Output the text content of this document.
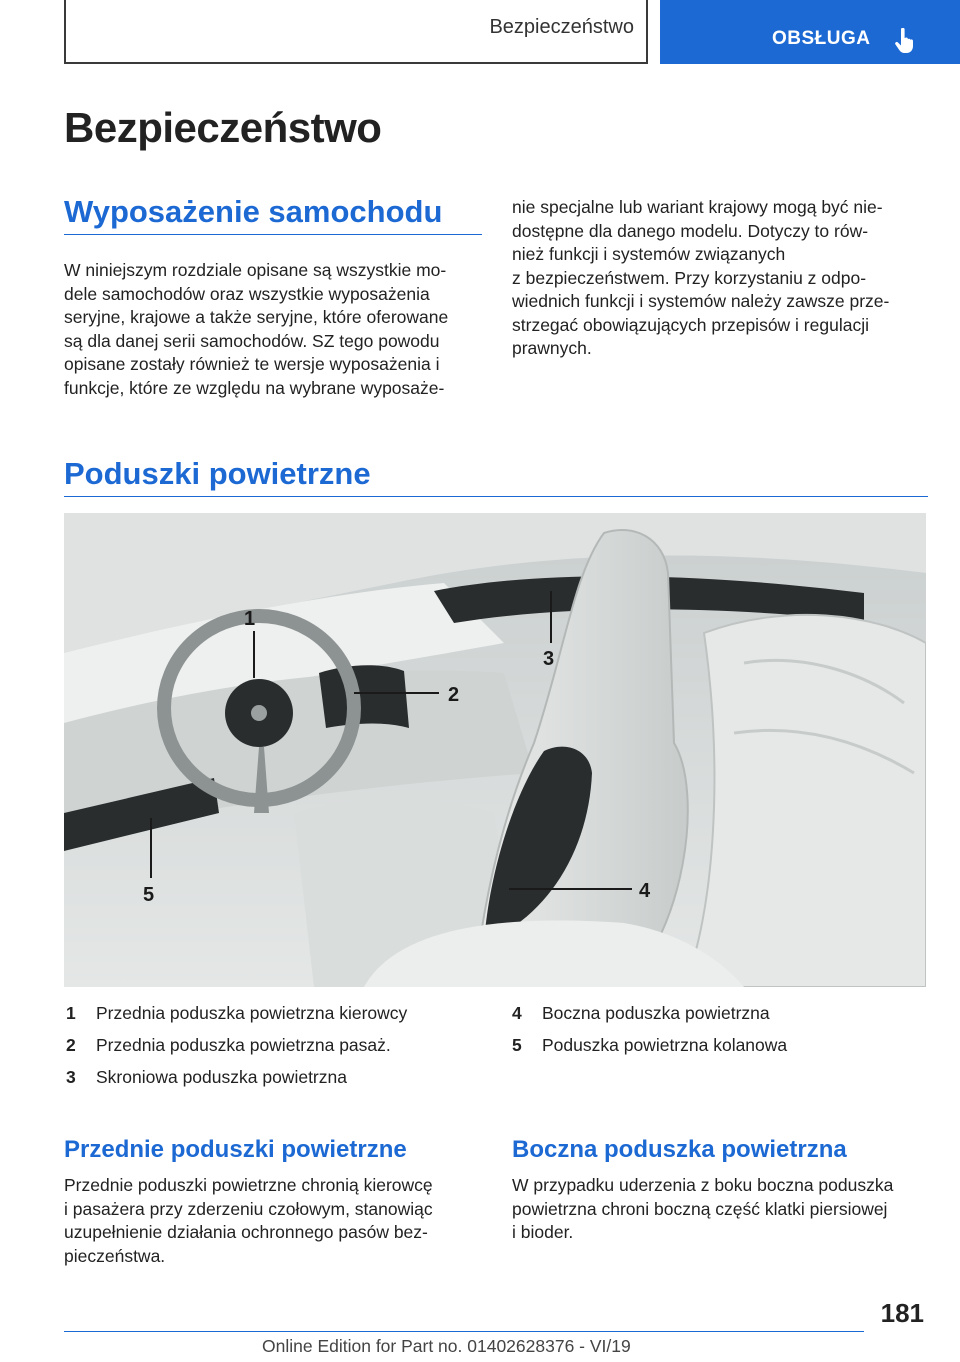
Bezpieczeństwo
OBSŁUGA
Bezpieczeństwo
Wyposażenie samochodu
W niniejszym rozdziale opisane są wszystkie mo‐
dele samochodów oraz wszystkie wyposażenia
seryjne, krajowe a także seryjne, które oferowane
są dla danej serii samochodów. SZ tego powodu
opisane zostały również te wersje wyposażenia i
funkcje, które ze względu na wybrane wyposaże‐
nie specjalne lub wariant krajowy mogą być nie‐
dostępne dla danego modelu. Dotyczy to rów‐
nież funkcji i systemów związanych
z bezpieczeństwem. Przy korzystaniu z odpo‐
wiednich funkcji i systemów należy zawsze prze‐
strzegać obowiązujących przepisów i regulacji
prawnych.
Poduszki powietrzne
1
2
3
4
5
1 Przednia poduszka powietrzna kierowcy
2 Przednia poduszka powietrzna pasaż.
3 Skroniowa poduszka powietrzna
4 Boczna poduszka powietrzna
5 Poduszka powietrzna kolanowa
Przednie poduszki powietrzne
Przednie poduszki powietrzne chronią kierowcę
i pasażera przy zderzeniu czołowym, stanowiąc
uzupełnienie działania ochronnego pasów bez‐
pieczeństwa.
Boczna poduszka powietrzna
W przypadku uderzenia z boku boczna poduszka
powietrzna chroni boczną część klatki piersiowej
i bioder.
181
Online Edition for Part no. 01402628376 - VI/19
